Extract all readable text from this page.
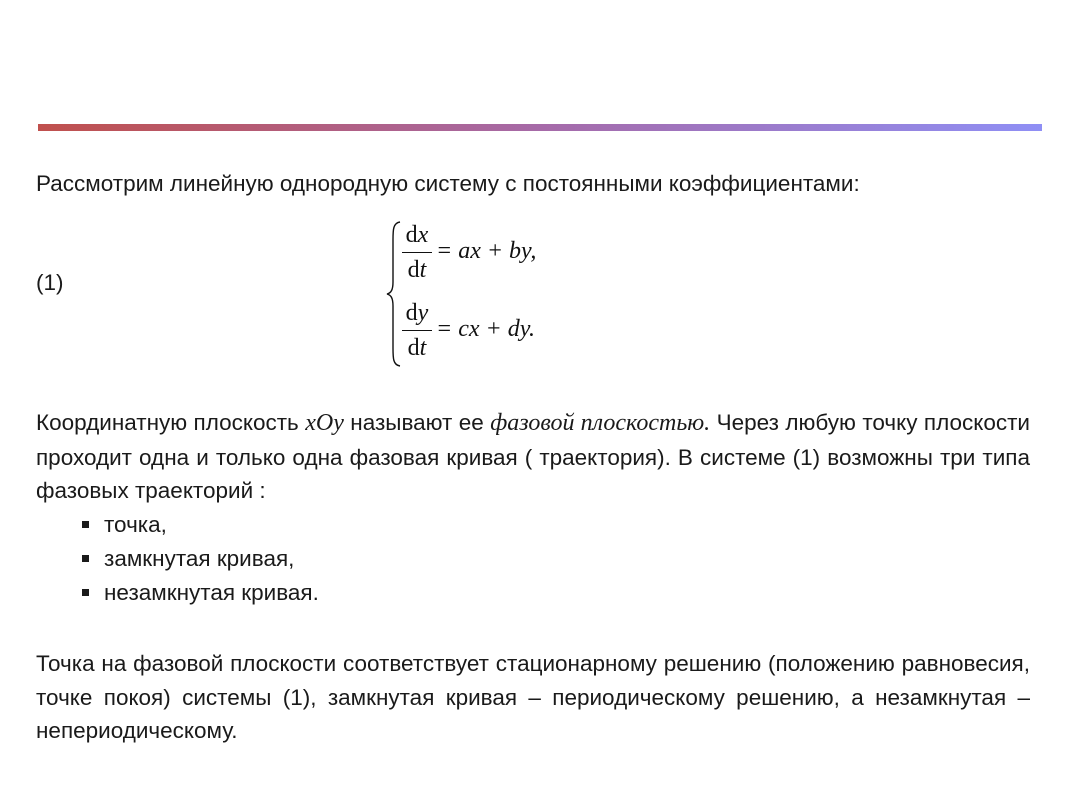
Рассмотрим линейную однородную систему с постоянными коэффициентами:

(1)
dx
dt
= ax + by,
dy
dt
= cx + dy.

Координатную плоскость xOy называют ее фазовой плоскостью. Через любую точку плоскости проходит одна и только одна фазовая кривая ( траектория). В системе (1) возможны три типа фазовых траекторий :

точка,
замкнутая кривая,
незамкнутая кривая.

Точка на фазовой плоскости соответствует стационарному решению (положению равновесия, точке покоя) системы (1), замкнутая кривая – периодическому решению, а незамкнутая – непериодическому.
